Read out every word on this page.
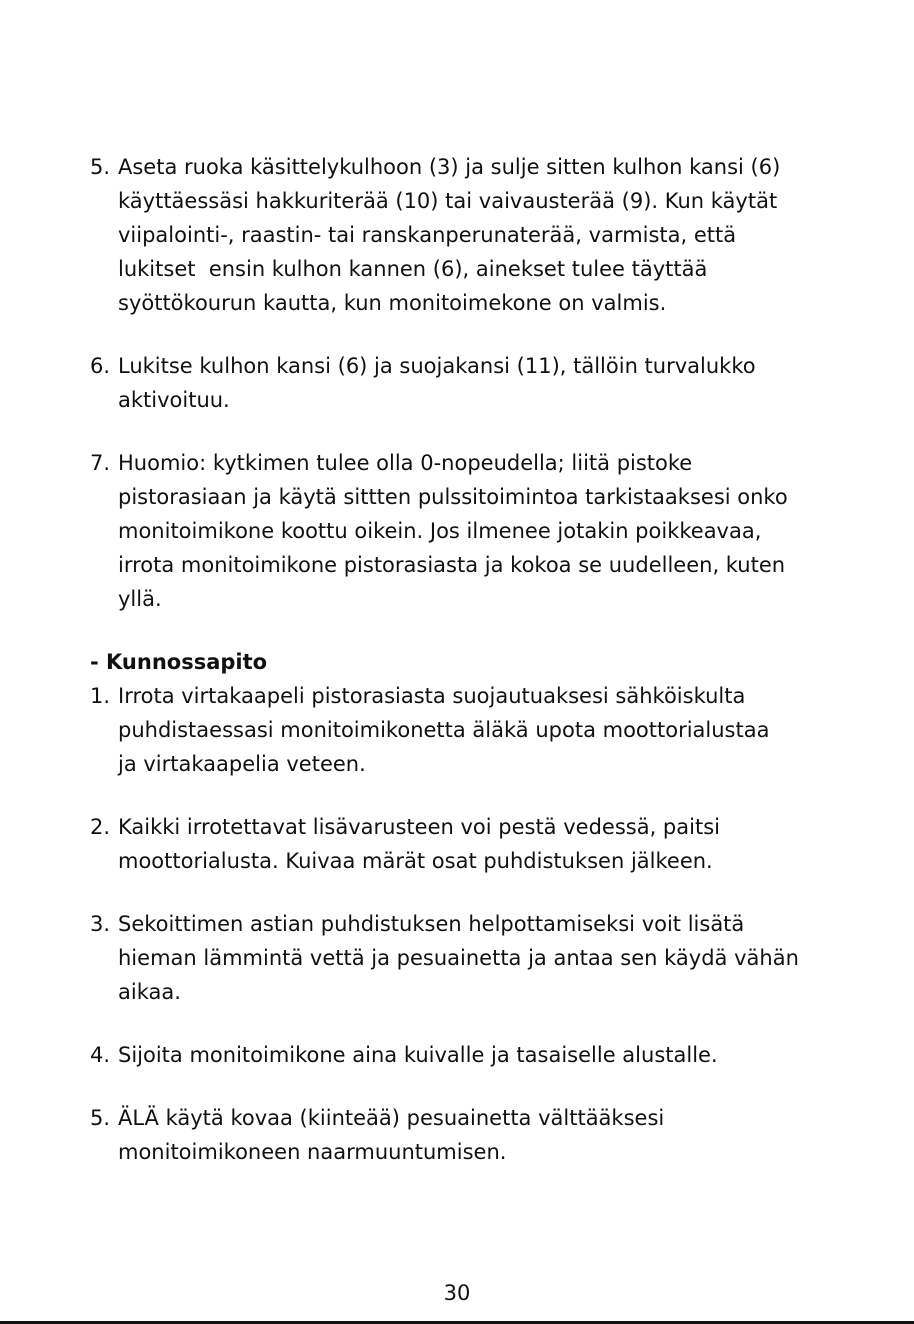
5. Aseta ruoka käsittelykulhoon (3) ja sulje sitten kulhon kansi (6)
käyttäessäsi hakkuriterää (10) tai vaivausterää (9). Kun käytät
viipalointi-, raastin- tai ranskanperunaterää, varmista, että
lukitset  ensin kulhon kannen (6), ainekset tulee täyttää
syöttökourun kautta, kun monitoimekone on valmis.
6. Lukitse kulhon kansi (6) ja suojakansi (11), tällöin turvalukko
aktivoituu.
7. Huomio: kytkimen tulee olla 0-nopeudella; liitä pistoke
pistorasiaan ja käytä sittten pulssitoimintoa tarkistaaksesi onko
monitoimikone koottu oikein. Jos ilmenee jotakin poikkeavaa,
irrota monitoimikone pistorasiasta ja kokoa se uudelleen, kuten
yllä.

- Kunnossapito

1. Irrota virtakaapeli pistorasiasta suojautuaksesi sähköiskulta
puhdistaessasi monitoimikonetta äläkä upota moottorialustaa
ja virtakaapelia veteen.
2. Kaikki irrotettavat lisävarusteen voi pestä vedessä, paitsi
moottorialusta. Kuivaa märät osat puhdistuksen jälkeen.
3. Sekoittimen astian puhdistuksen helpottamiseksi voit lisätä
hieman lämmintä vettä ja pesuainetta ja antaa sen käydä vähän
aikaa.
4. Sijoita monitoimikone aina kuivalle ja tasaiselle alustalle.
5. ÄLÄ käytä kovaa (kiinteää) pesuainetta välttääksesi
monitoimikoneen naarmuuntumisen.
30
